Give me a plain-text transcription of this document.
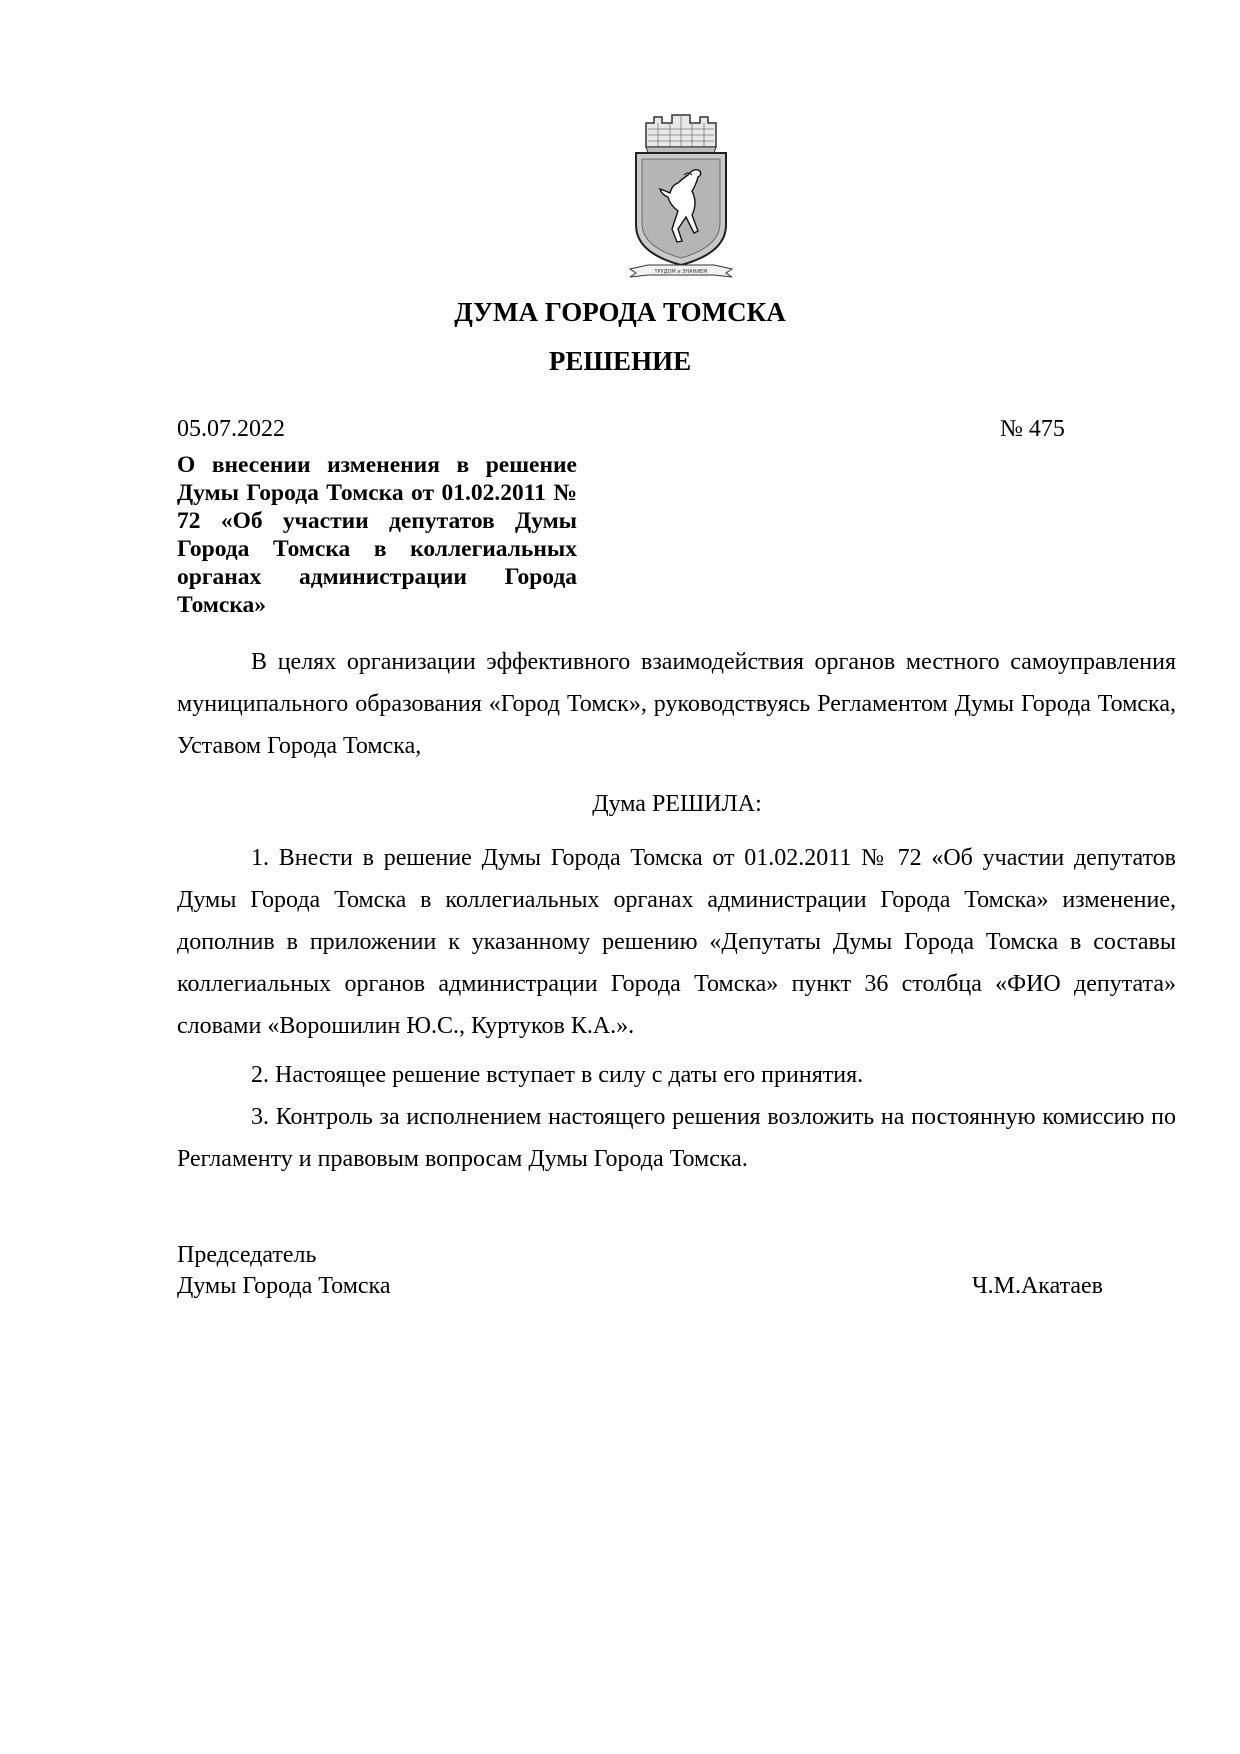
ТРУДОМ и ЗНАНИЕМ
ДУМА ГОРОДА ТОМСКА
РЕШЕНИЕ
05.07.2022	№ 475
О внесении изменения в решение Думы Города Томска от 01.02.2011 № 72 «Об участии депутатов Думы Города Томска в коллегиальных органах администрации Города Томска»
В целях организации эффективного взаимодействия органов местного самоуправления муниципального образования «Город Томск», руководствуясь Регламентом Думы Города Томска, Уставом Города Томска,
Дума РЕШИЛА:
1. Внести в решение Думы Города Томска от 01.02.2011 № 72 «Об участии депутатов Думы Города Томска в коллегиальных органах администрации Города Томска» изменение, дополнив в приложении к указанному решению «Депутаты Думы Города Томска в составы коллегиальных органов администрации Города Томска» пункт 36 столбца «ФИО депутата» словами «Ворошилин Ю.С., Куртуков К.А.».
2. Настоящее решение вступает в силу с даты его принятия.
3. Контроль за исполнением настоящего решения возложить на постоянную комиссию по Регламенту и правовым вопросам Думы Города Томска.
Председатель
Думы Города Томска	Ч.М.Акатаев
